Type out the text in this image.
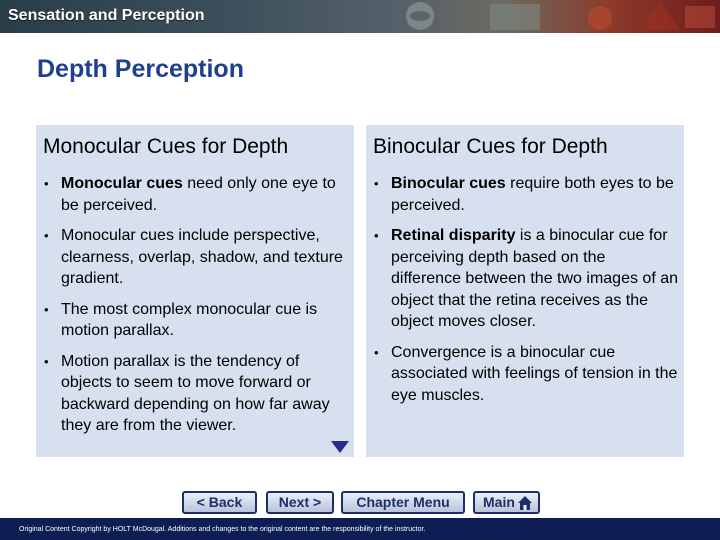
Sensation and Perception
Depth Perception
Monocular Cues for Depth
• Monocular cues need only one eye to be perceived.
• Monocular cues include perspective, clearness, overlap, shadow, and texture gradient.
• The most complex monocular cue is motion parallax.
• Motion parallax is the tendency of objects to seem to move forward or backward depending on how far away they are from the viewer.
Binocular Cues for Depth
• Binocular cues require both eyes to be perceived.
• Retinal disparity is a binocular cue for perceiving depth based on the difference between the two images of an object that the retina receives as the object moves closer.
• Convergence is a binocular cue associated with feelings of tension in the eye muscles.
< Back	Next >	Chapter Menu	Main
Original Content Copyright by HOLT McDougal. Additions and changes to the original content are the responsibility of the instructor.
